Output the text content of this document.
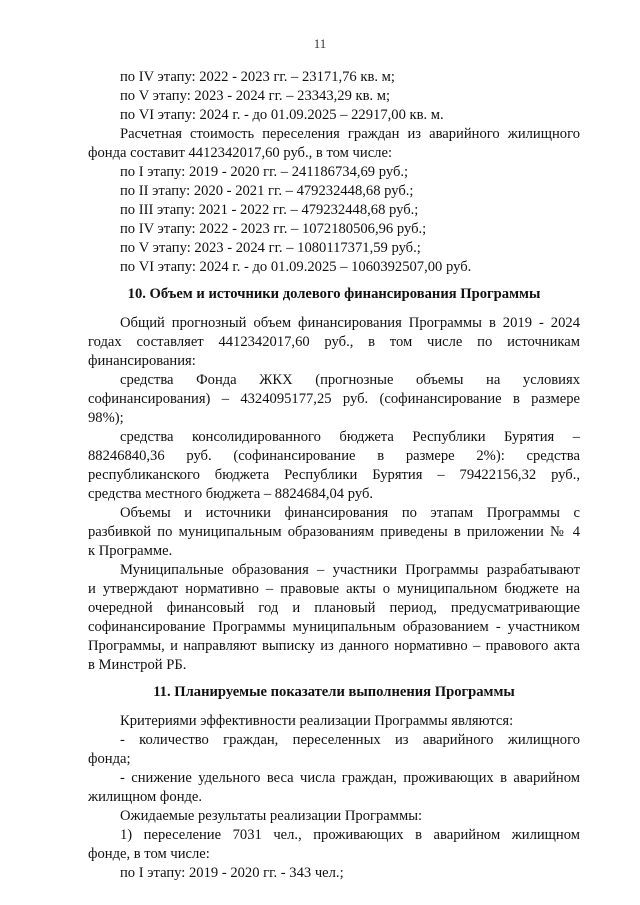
11
по IV этапу: 2022 - 2023 гг. – 23171,76 кв. м;
по V этапу: 2023 - 2024 гг. – 23343,29 кв. м;
по VI этапу: 2024 г. - до 01.09.2025 – 22917,00 кв. м.
Расчетная стоимость переселения граждан из аварийного жилищного
фонда составит 4412342017,60 руб., в том числе:
по I этапу: 2019 - 2020 гг. – 241186734,69 руб.;
по II этапу: 2020 - 2021 гг. – 479232448,68 руб.;
по III этапу: 2021 - 2022 гг. – 479232448,68 руб.;
по IV этапу: 2022 - 2023 гг. – 1072180506,96 руб.;
по V этапу: 2023 - 2024 гг. – 1080117371,59 руб.;
по VI этапу: 2024 г. - до 01.09.2025 – 1060392507,00 руб.
10. Объем и источники долевого финансирования Программы
Общий прогнозный объем финансирования Программы в 2019 - 2024
годах составляет 4412342017,60 руб., в том числе по источникам
финансирования:
средства Фонда ЖКХ (прогнозные объемы на условиях
софинансирования) – 4324095177,25 руб. (софинансирование в размере
98%);
средства консолидированного бюджета Республики Бурятия –
88246840,36 руб. (софинансирование в размере 2%): средства
республиканского бюджета Республики Бурятия – 79422156,32 руб.,
средства местного бюджета – 8824684,04 руб.
Объемы и источники финансирования по этапам Программы с
разбивкой по муниципальным образованиям приведены в приложении № 4
к Программе.
Муниципальные образования – участники Программы разрабатывают
и утверждают нормативно – правовые акты о муниципальном бюджете на
очередной финансовый год и плановый период, предусматривающие
софинансирование Программы муниципальным образованием - участником
Программы, и направляют выписку из данного нормативно – правового акта
в Минстрой РБ.
11. Планируемые показатели выполнения Программы
Критериями эффективности реализации Программы являются:
- количество граждан, переселенных из аварийного жилищного
фонда;
- снижение удельного веса числа граждан, проживающих в аварийном
жилищном фонде.
Ожидаемые результаты реализации Программы:
1) переселение 7031 чел., проживающих в аварийном жилищном
фонде, в том числе:
по I этапу: 2019 - 2020 гг. - 343 чел.;
